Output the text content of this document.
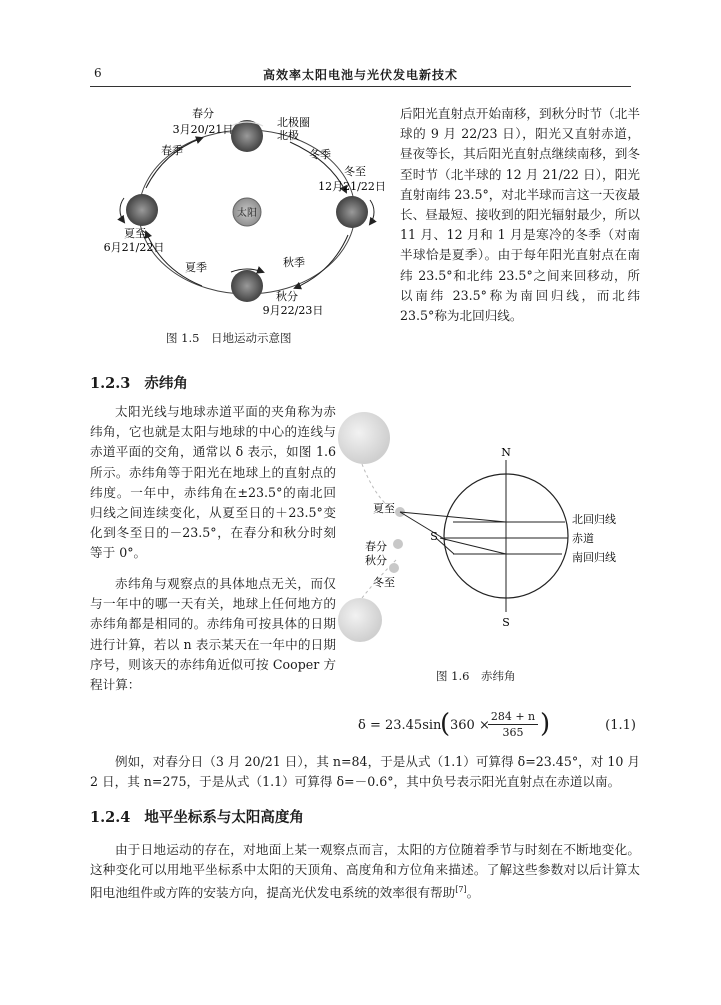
6	高效率太阳电池与光伏发电新技术
太阳
春分
3月20/21日
春季
北极圈
北极
冬季
冬至
12月21/22日
夏至
6月21/22日
夏季	秋季
秋分
9月22/23日
图 1.5　日地运动示意图

后阳光直射点开始南移，到秋分时节（北半球的 9 月 22/23 日），阳光又直射赤道，昼夜等长，其后阳光直射点继续南移，到冬至时节（北半球的 12 月 21/22 日），阳光直射南纬 23.5°，对北半球而言这一天夜最长、昼最短、接收到的阳光辐射最少，所以 11 月、12 月和 1 月是寒冷的冬季（对南半球恰是夏季）。由于每年阳光直射点在南纬 23.5°和北纬 23.5°之间来回移动，所以南纬 23.5°称为南回归线，而北纬 23.5°称为北回归线。

1.2.3 赤纬角

太阳光线与地球赤道平面的夹角称为赤纬角，它也就是太阳与地球的中心的连线与赤道平面的交角，通常以 δ 表示，如图 1.6 所示。赤纬角等于阳光在地球上的直射点的纬度。一年中，赤纬角在±23.5°的南北回归线之间连续变化，从夏至日的＋23.5°变化到冬至日的－23.5°，在春分和秋分时刻等于 0°。

赤纬角与观察点的具体地点无关，而仅与一年中的哪一天有关，地球上任何地方的赤纬角都是相同的。赤纬角可按具体的日期进行计算，若以 n 表示某天在一年中的日期序号，则该天的赤纬角近似可按 Cooper 方程计算：

N
S
S
夏至
春分
秋分
冬至
北回归线
赤道
南回归线
图 1.6　赤纬角
δ = 23.45sin
( 360 ×
$\frac{284 + n}{365}$ )	(1.1)

例如，对春分日（3 月 20/21 日），其 n=84，于是从式（1.1）可算得 δ=23.45°，对 10 月 2 日，其 n=275，于是从式（1.1）可算得 δ=－0.6°，其中负号表示阳光直射点在赤道以南。

1.2.4 地平坐标系与太阳高度角

由于日地运动的存在，对地面上某一观察点而言，太阳的方位随着季节与时刻在不断地变化。这种变化可以用地平坐标系中太阳的天顶角、高度角和方位角来描述。了解这些参数对以后计算太阳电池组件或方阵的安装方向，提高光伏发电系统的效率很有帮助[7]。
